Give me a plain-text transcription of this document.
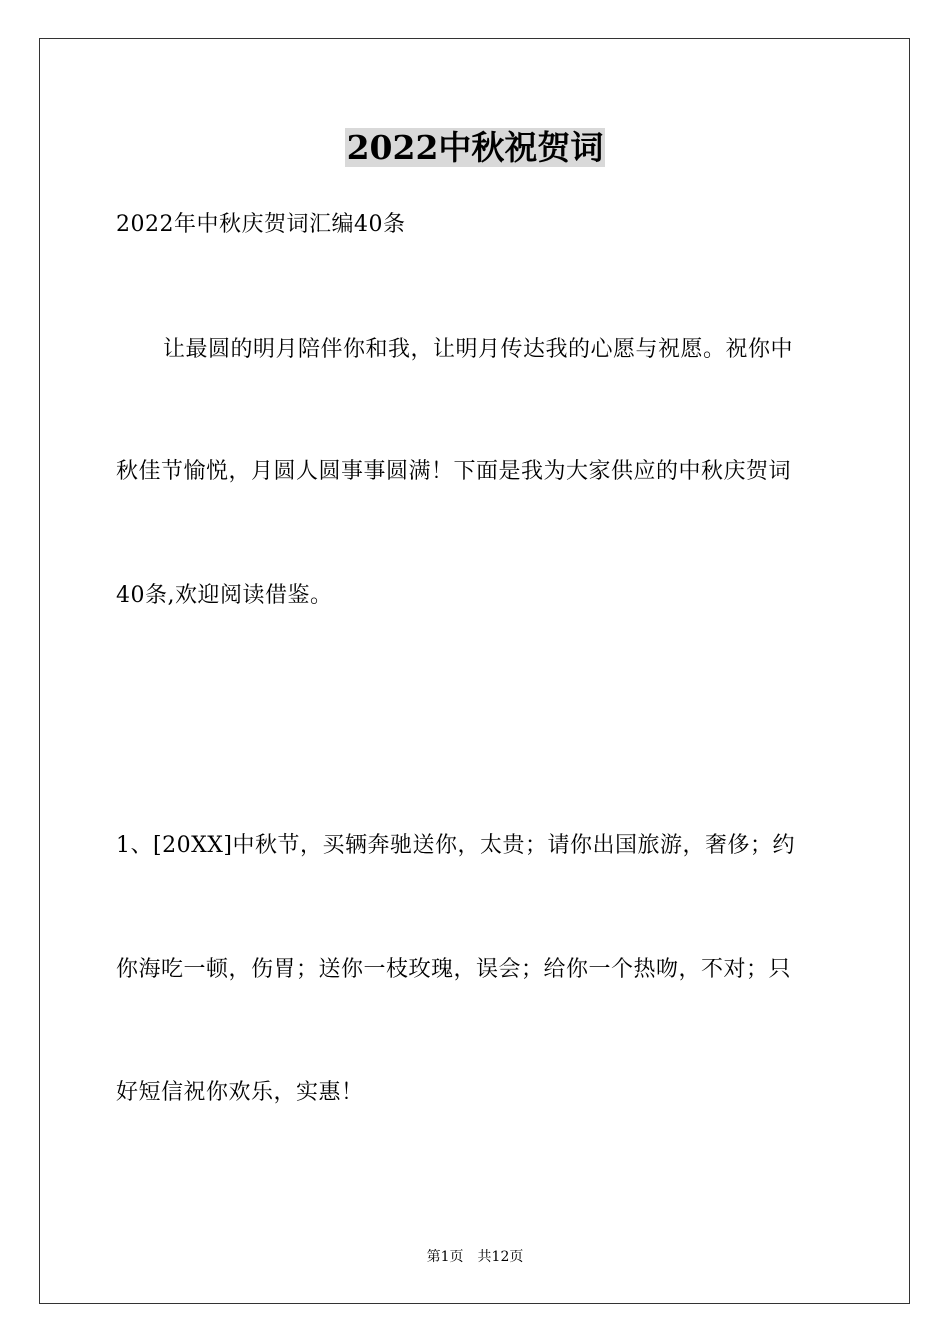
2022中秋祝贺词
2022年中秋庆贺词汇编40条
让最圆的明月陪伴你和我，让明月传达我的心愿与祝愿。祝你中
秋佳节愉悦，月圆人圆事事圆满！下面是我为大家供应的中秋庆贺词
40条,欢迎阅读借鉴。
1、[20XX]中秋节，买辆奔驰送你，太贵；请你出国旅游，奢侈；约
你海吃一顿，伤胃；送你一枝玫瑰，误会；给你一个热吻，不对；只
好短信祝你欢乐，实惠！
第1页 共12页
